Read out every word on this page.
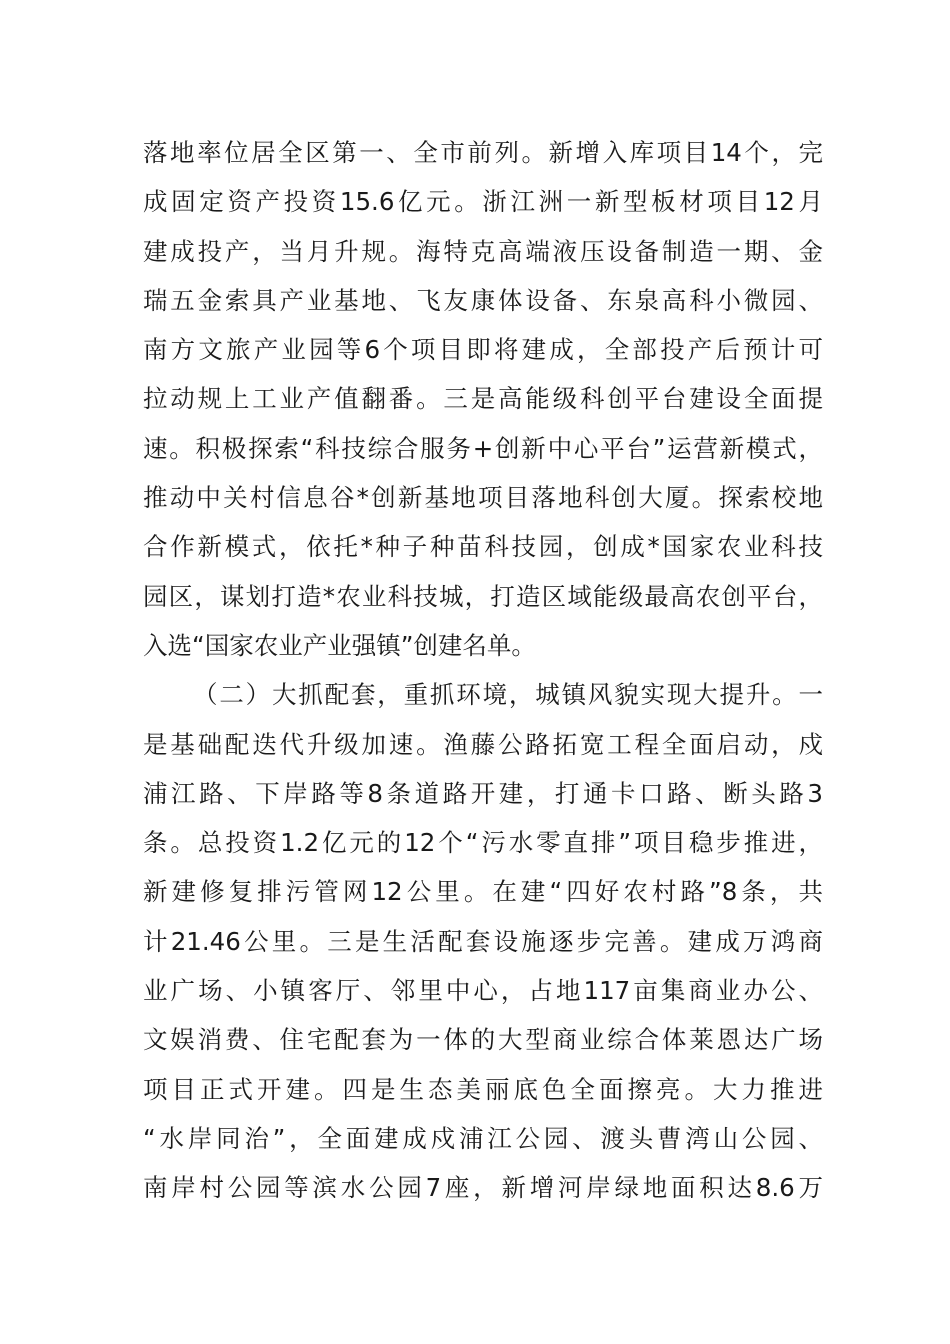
落地率位居全区第一、全市前列。新增入库项目14个，完
成固定资产投资15.6亿元。浙江洲一新型板材项目12月
建成投产，当月升规。海特克高端液压设备制造一期、金
瑞五金索具产业基地、飞友康体设备、东泉高科小微园、
南方文旅产业园等6个项目即将建成，全部投产后预计可
拉动规上工业产值翻番。三是高能级科创平台建设全面提
速。积极探索“科技综合服务+创新中心平台”运营新模式，
推动中关村信息谷*创新基地项目落地科创大厦。探索校地
合作新模式，依托*种子种苗科技园，创成*国家农业科技
园区，谋划打造*农业科技城，打造区域能级最高农创平台，
入选“国家农业产业强镇”创建名单。
（二）大抓配套，重抓环境，城镇风貌实现大提升。一
是基础配迭代升级加速。渔藤公路拓宽工程全面启动，戍
浦江路、下岸路等8条道路开建，打通卡口路、断头路3
条。总投资1.2亿元的12个“污水零直排”项目稳步推进，
新建修复排污管网12公里。在建“四好农村路”8条，共
计21.46公里。三是生活配套设施逐步完善。建成万鸿商
业广场、小镇客厅、邻里中心，占地117亩集商业办公、
文娱消费、住宅配套为一体的大型商业综合体莱恩达广场
项目正式开建。四是生态美丽底色全面擦亮。大力推进
“水岸同治”，全面建成戍浦江公园、渡头曹湾山公园、
南岸村公园等滨水公园7座，新增河岸绿地面积达8.6万
